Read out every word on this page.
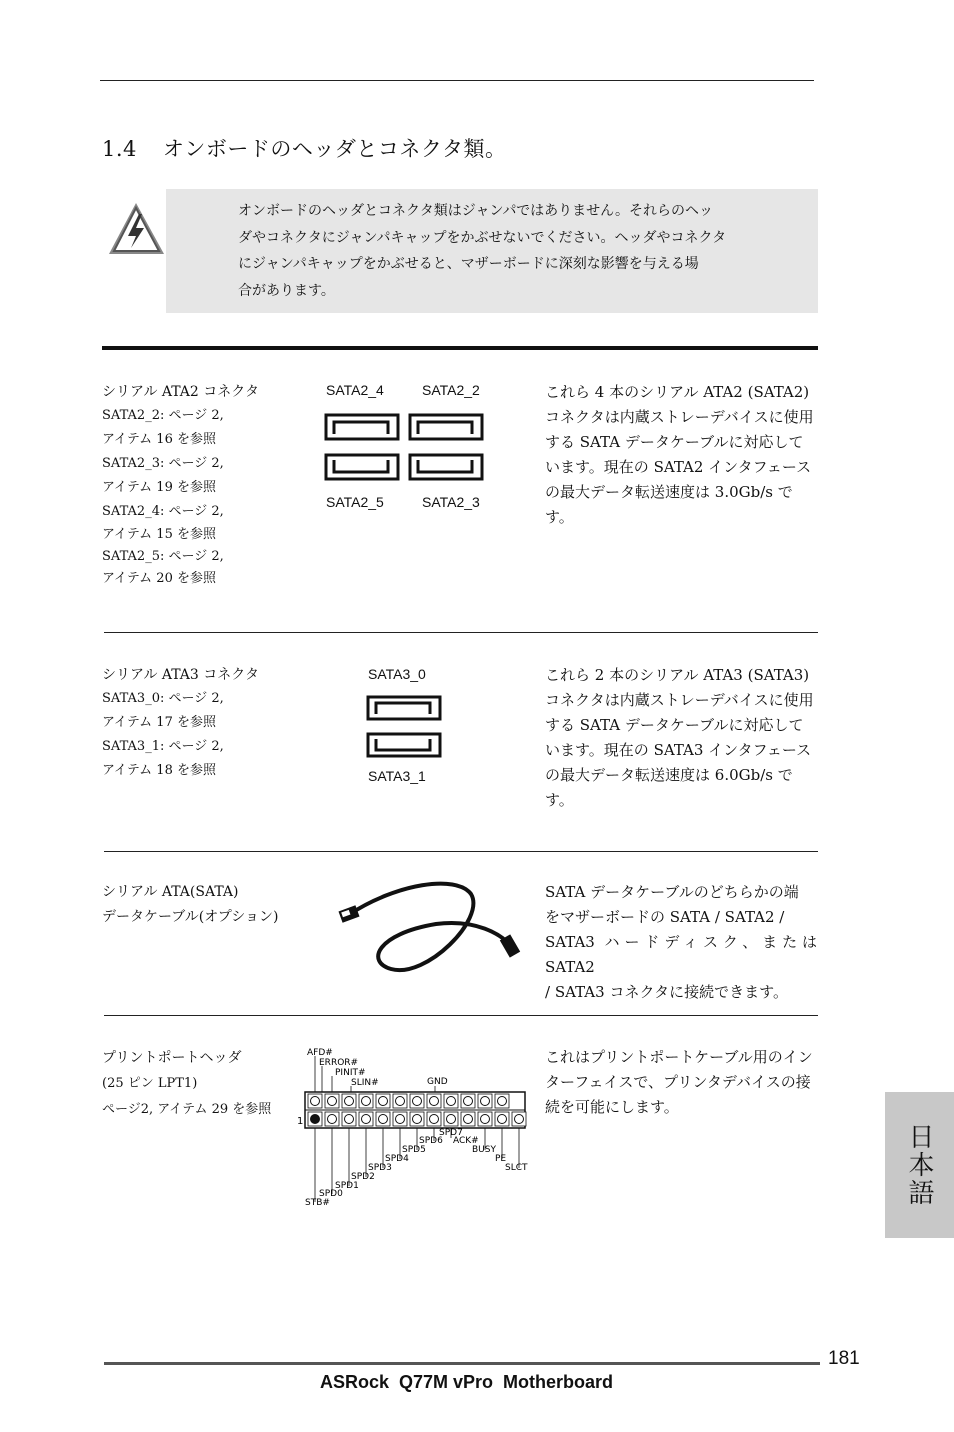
1.4 オンボードのヘッダとコネクタ類。
オンボードのヘッダとコネクタ類はジャンパではありません。それらのヘッ
ダやコネクタにジャンパキャップをかぶせないでください。ヘッダやコネクタ
にジャンパキャップをかぶせると、マザーボードに深刻な影響を与える場
合があります。
シリアル ATA2 コネクタ
SATA2_2: ページ 2,
アイテム 16 を参照
SATA2_3: ページ 2,
アイテム 19 を参照
SATA2_4: ページ 2,
アイテム 15 を参照
SATA2_5: ページ 2,
アイテム 20 を参照
SATA2_4	SATA2_2
SATA2_5	SATA2_3
これら 4 本のシリアル ATA2 (SATA2)
コネクタは内蔵ストレーデバイスに使用
する SATA データケーブルに対応して
います。現在の SATA2 インタフェース
の最大データ転送速度は 3.0Gb/s で
す。
シリアル ATA3 コネクタ
SATA3_0: ページ 2,
アイテム 17 を参照
SATA3_1: ページ 2,
アイテム 18 を参照
SATA3_0
SATA3_1
これら 2 本のシリアル ATA3 (SATA3)
コネクタは内蔵ストレーデバイスに使用
する SATA データケーブルに対応して
います。現在の SATA3 インタフェース
の最大データ転送速度は 6.0Gb/s で
す。
シリアル ATA(SATA)
データケーブル(オプション)
SATA データケーブルのどちらかの端
をマザーボードの SATA / SATA2 /
SATA3 ハードディスク、または SATA2
/ SATA3 コネクタに接続できます。
プリントポートヘッダ
(25 ピン LPT1)
ページ2, アイテム 29 を参照
1
AFD#
ERROR#
PINIT#
SLIN#	GND
SPD7
SPD6 ACK#
SPD5	BUSY
SPD4	PE
SPD3	SLCT
SPD2
SPD1
SPD0
STB#
これはプリントポートケーブル用のイン
ターフェイスで、プリンタデバイスの接
続を可能にします。
日本語
181
ASRock  Q77M vPro  Motherboard
